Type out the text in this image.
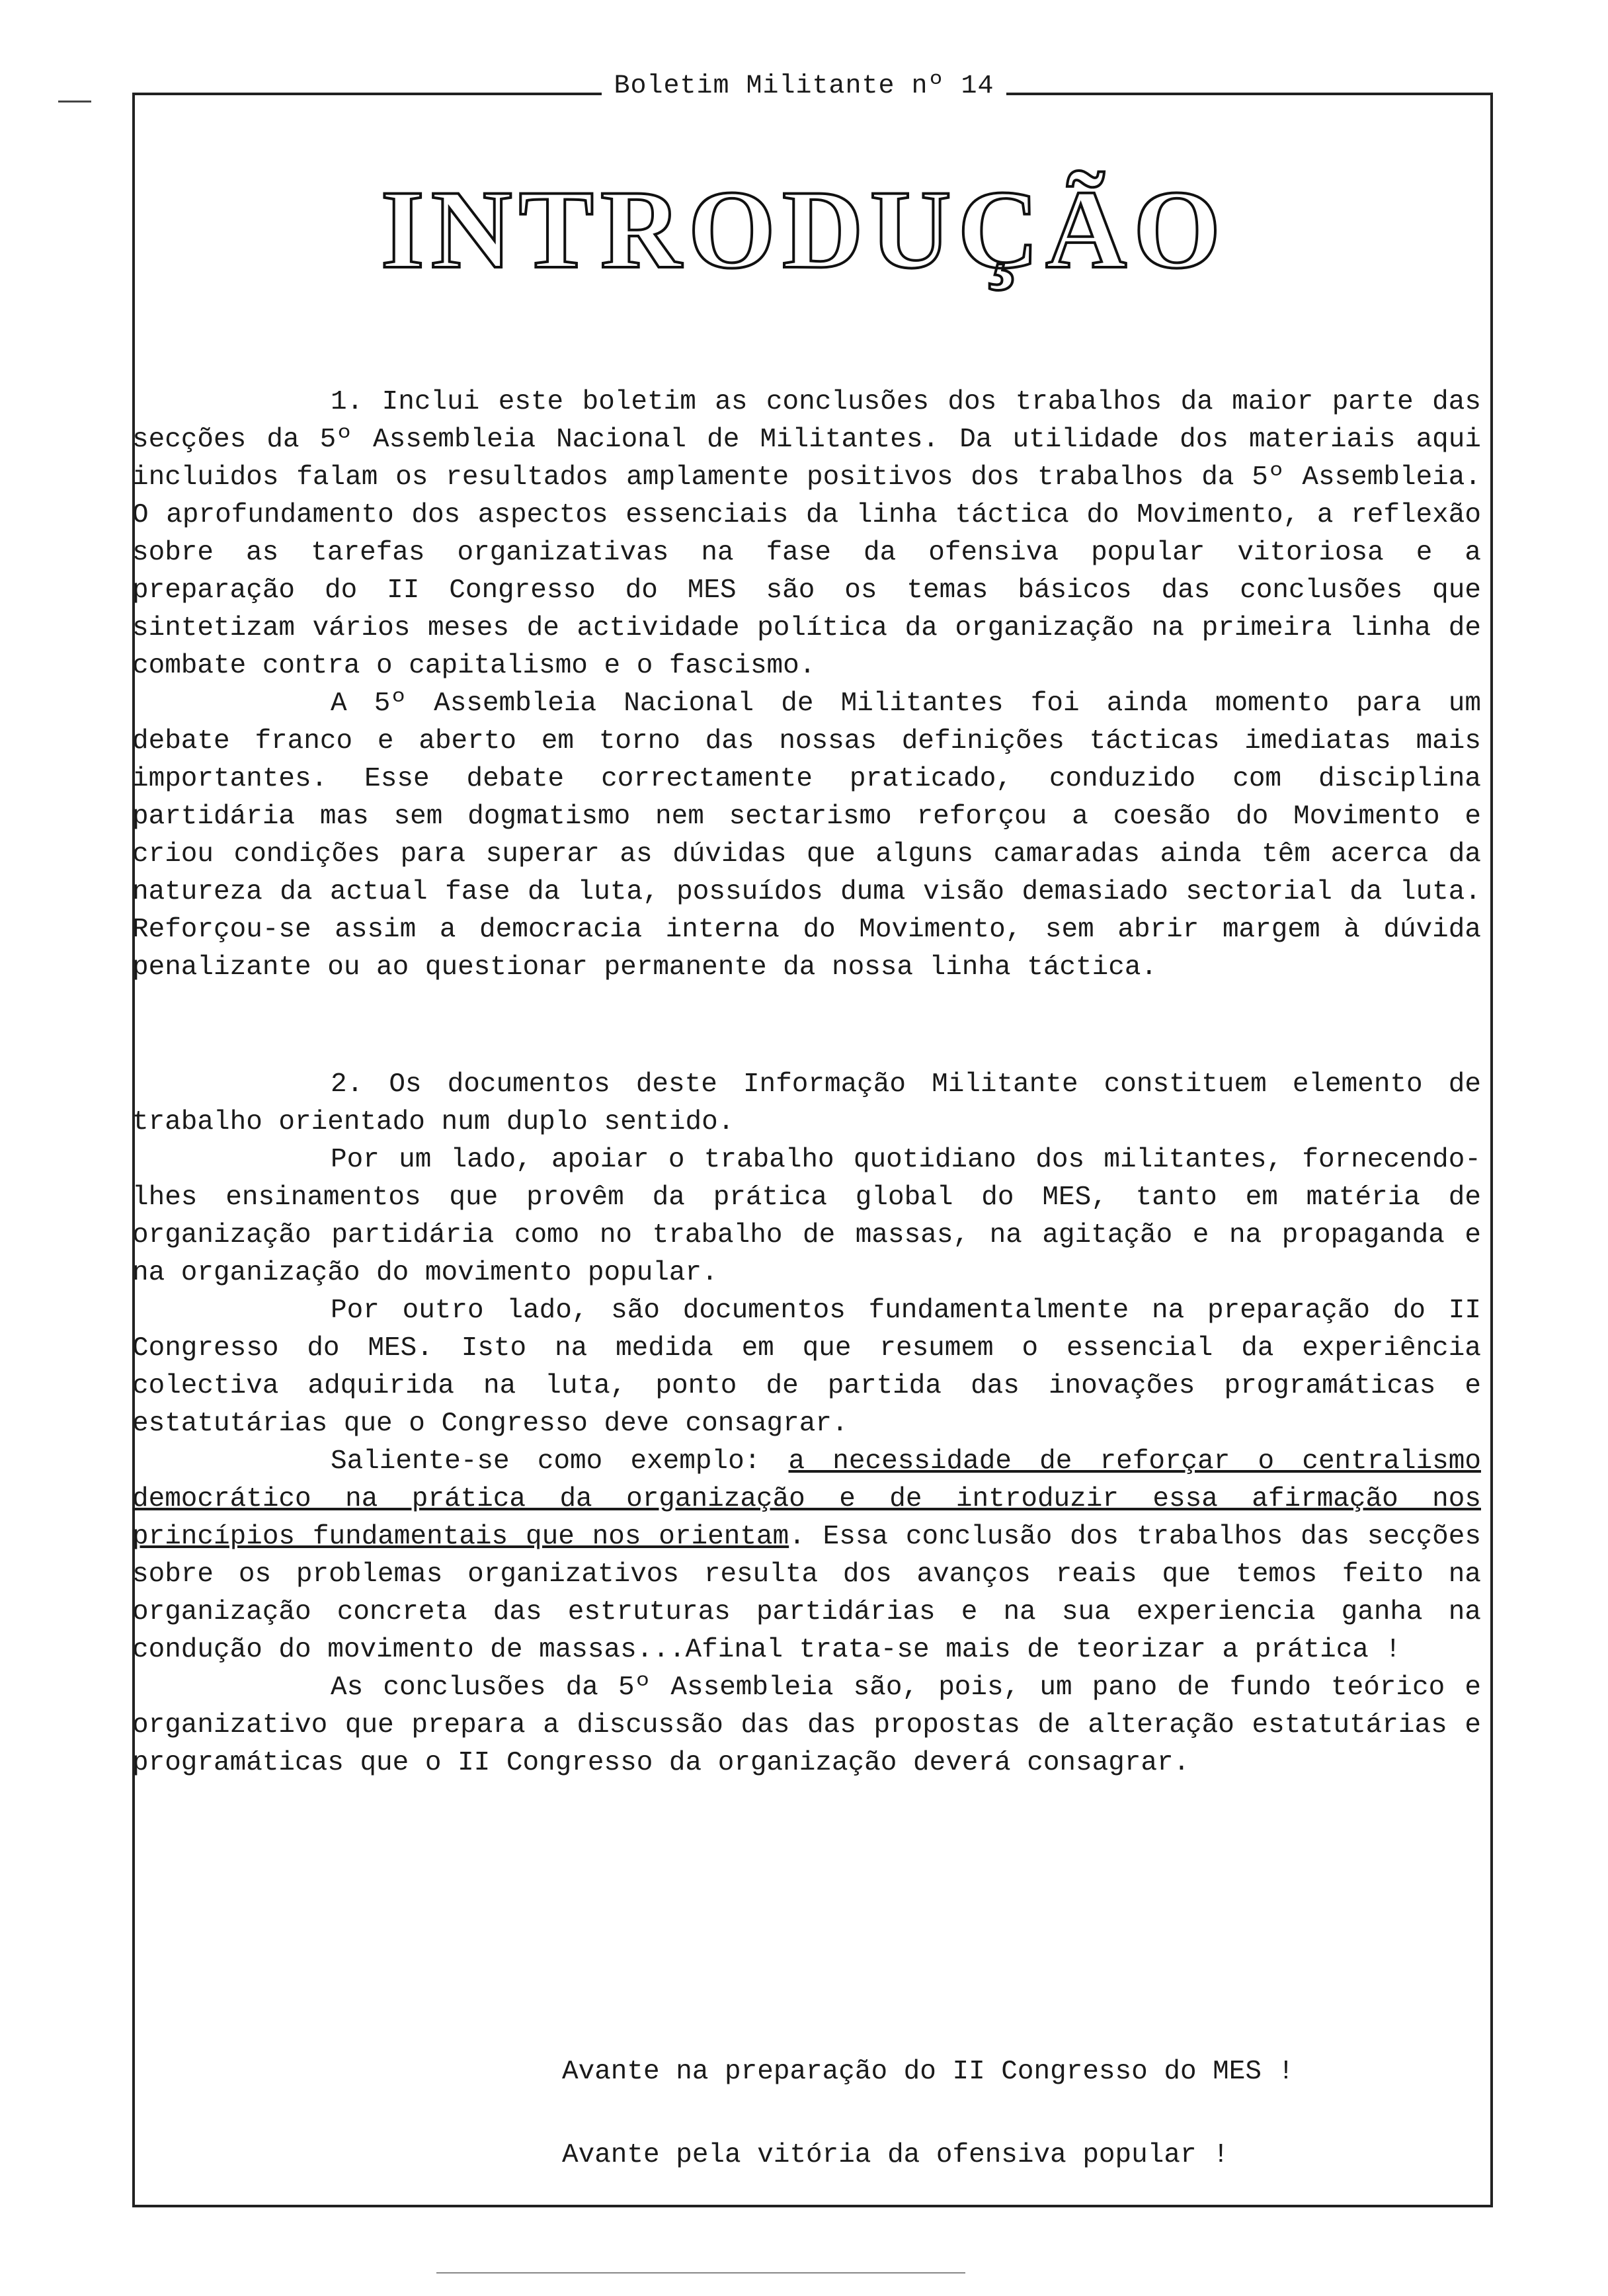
Boletim Militante nº 14
INTRODUÇÃO

1. Inclui este boletim as conclusões dos trabalhos da maior parte das secções da 5º Assembleia Nacional de Militantes. Da utilidade dos materiais aqui incluidos falam os resultados amplamente positivos dos trabalhos da 5º Assembleia. O aprofundamento dos aspectos essenciais da linha táctica do Movimento, a reflexão sobre as tarefas organizativas na fase da ofensiva popular vitoriosa e a preparação do II Congresso do MES são os temas básicos das conclusões que sintetizam vários meses de actividade política da organização na primeira linha de combate contra o capitalismo e o fascismo.

A 5º Assembleia Nacional de Militantes foi ainda momento para um debate franco e aberto em torno das nossas definições tácticas imediatas mais importantes. Esse debate correctamente praticado, conduzido com disciplina partidária mas sem dogmatismo nem sectarismo reforçou a coesão do Movimento e criou condições para superar as dúvidas que alguns camaradas ainda têm acerca da natureza da actual fase da luta, possuídos duma visão demasiado sectorial da luta. Reforçou-se assim a democracia interna do Movimento, sem abrir margem à dúvida penalizante ou ao questionar permanente da nossa linha táctica.

2. Os documentos deste Informação Militante constituem elemento de trabalho orientado num duplo sentido.

Por um lado, apoiar o trabalho quotidiano dos militantes, fornecendo-lhes ensinamentos que provêm da prática global do MES, tanto em matéria de organização partidária como no trabalho de massas, na agitação e na propaganda e na organização do movimento popular.

Por outro lado, são documentos fundamentalmente na preparação do II Congresso do MES. Isto na medida em que resumem o essencial da experiência colectiva adquirida na luta, ponto de partida das inovações programáticas e estatutárias que o Congresso deve consagrar.

Saliente-se como exemplo: a necessidade de reforçar o centralismo democrático na prática da organização e de introduzir essa afirmação nos princípios fundamentais que nos orientam. Essa conclusão dos trabalhos das secções sobre os problemas organizativos resulta dos avanços reais que temos feito na organização concreta das estruturas partidárias e na sua experiencia ganha na condução do movimento de massas...Afinal trata-se mais de teorizar a prática !

As conclusões da 5º Assembleia são, pois, um pano de fundo teórico e organizativo que prepara a discussão das das propostas de alteração estatutárias e programáticas que o II Congresso da organização deverá consagrar.

Avante na preparação do II Congresso do MES !

Avante pela vitória da ofensiva popular !
